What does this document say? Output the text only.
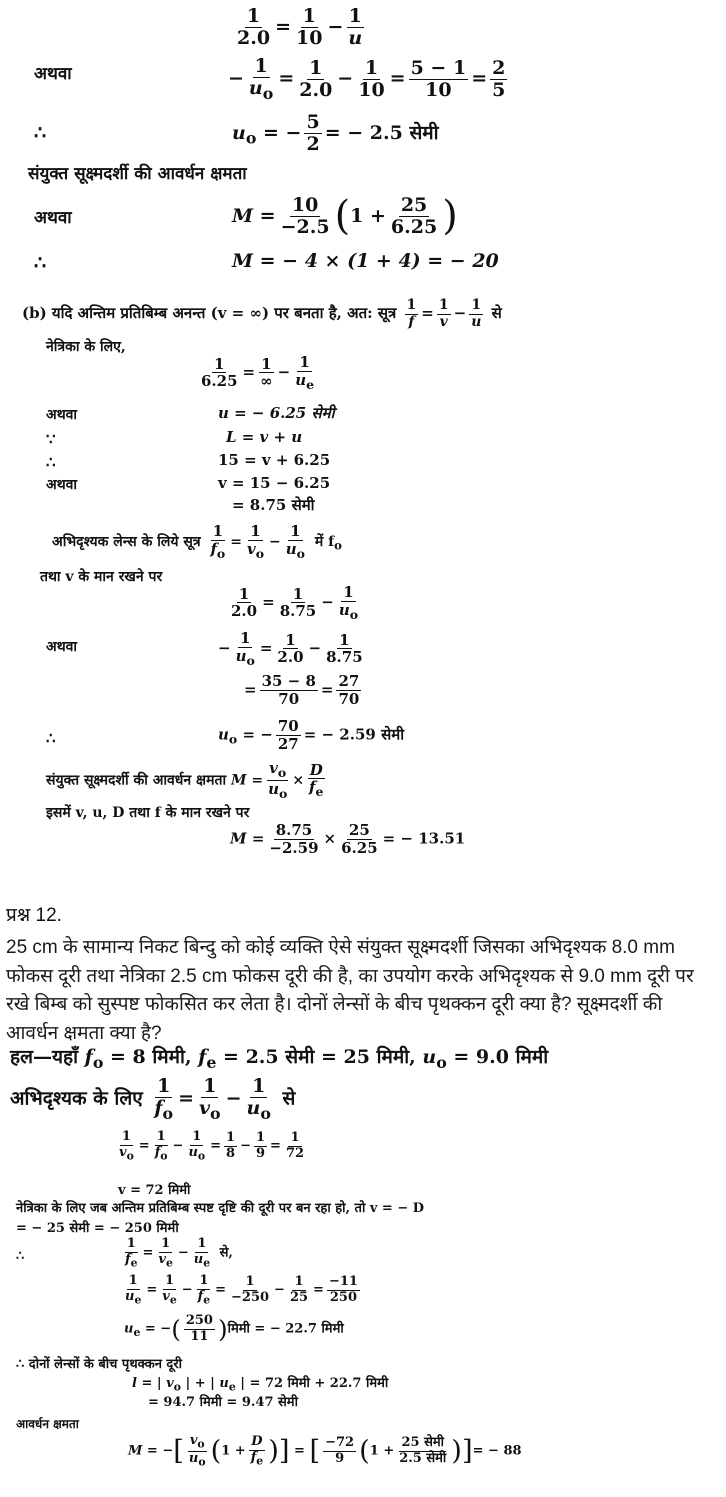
$\frac{1}{2.0} = \frac{1}{10} - \frac{1}{u}$
अथवा	− $\frac{1}{u_o} = \frac{1}{2.0} - \frac{1}{10} = \frac{5 - 1}{10} = \frac{2}{5}$
∴	$u_o$ = − $\frac{5}{2}$ = − 2.5 सेमी
संयुक्त सूक्ष्मदर्शी की आवर्धन क्षमता
अथवा	$M = \frac{10}{-2.5} (1 + \frac{25}{6.25}$ )
∴	M = − 4 × (1 + 4) = − 20
(b) यदि अन्तिम प्रतिबिम्ब अनन्त (v = ∞) पर बनता है, अत: सूत्र $\frac{1}{f} = \frac{1}{v} - \frac{1}{u}$ से
नेत्रिका के लिए,
$\frac{1}{6.25} = \frac{1}{\infty} - \frac{1}{u_e}$
अथवा	u = − 6.25 सेमी
∵	L = v + u
∴	15 = v + 6.25
अथवा	v = 15 − 6.25
= 8.75 सेमी
अभिदृश्यक लेन्स के लिये सूत्र $\frac{1}{f_o} = \frac{1}{v_o} - \frac{1}{u_o}$ में $f_o$
तथा v के मान रखने पर
$\frac{1}{2.0} = \frac{1}{8.75} - \frac{1}{u_o}$
अथवा	− $\frac{1}{u_o} = \frac{1}{2.0} - \frac{1}{8.75}$
= $\frac{35 - 8}{70} = \frac{27}{70}$
∴	$u_o$ = − $\frac{70}{27}$ = − 2.59 सेमी
संयुक्त सूक्ष्मदर्शी की आवर्धन क्षमता $M = \frac{v_o}{u_o} \times \frac{D}{f_e}$
इसमें v, u, D तथा f के मान रखने पर
$M = \frac{8.75}{-2.59} \times \frac{25}{6.25}$ = − 13.51
प्रश्न 12.
25 cm के सामान्य निकट बिन्दु को कोई व्यक्ति ऐसे संयुक्त सूक्ष्मदर्शी जिसका अभिदृश्यक 8.0 mm फोकस दूरी तथा नेत्रिका 2.5 cm फोकस दूरी की है, का उपयोग करके अभिदृश्यक से 9.0 mm दूरी पर रखे बिम्ब को सुस्पष्ट फोकसित कर लेता है। दोनों लेन्सों के बीच पृथक्कन दूरी क्या है? सूक्ष्मदर्शी की आवर्धन क्षमता क्या है?
हल—यहाँ $f_o = 8$ मिमी, $f_e = 2.5$ सेमी = 25 मिमी, $u_o = 9.0$ मिमी
अभिदृश्यक के लिए $\frac{1}{f_o} = \frac{1}{v_o} - \frac{1}{u_o}$ से
$\frac{1}{v_o} = \frac{1}{f_o} - \frac{1}{u_o} = \frac{1}{8} - \frac{1}{9} = \frac{1}{72}$
v = 72 मिमी
नेत्रिका के लिए जब अन्तिम प्रतिबिम्ब स्पष्ट दृष्टि की दूरी पर बन रहा हो, तो v = − D
= − 25 सेमी = − 250 मिमी
∴	$\frac{1}{f_e} = \frac{1}{v_e} - \frac{1}{u_e}$ से,
$\frac{1}{u_e} = \frac{1}{v_e} - \frac{1}{f_e} = \frac{1}{-250} - \frac{1}{25} = \frac{-11}{250}$
$u_e$ = −( $\frac{250}{11}$ )मिमी = − 22.7 मिमी
∴ दोनों लेन्सों के बीच पृथक्कन दूरी
l = | $v_o$ | + | $u_e$ | = 72 मिमी + 22.7 मिमी
= 94.7 मिमी = 9.47 सेमी
आवर्धन क्षमता
M = −[ $\frac{v_o}{u_o} (1 + \frac{D}{f_e}$ )] = [ $\frac{-72}{9} (1 + \frac{\text{25 सेमी}}{\text{2.5 सेमी}}$ )]= − 88
